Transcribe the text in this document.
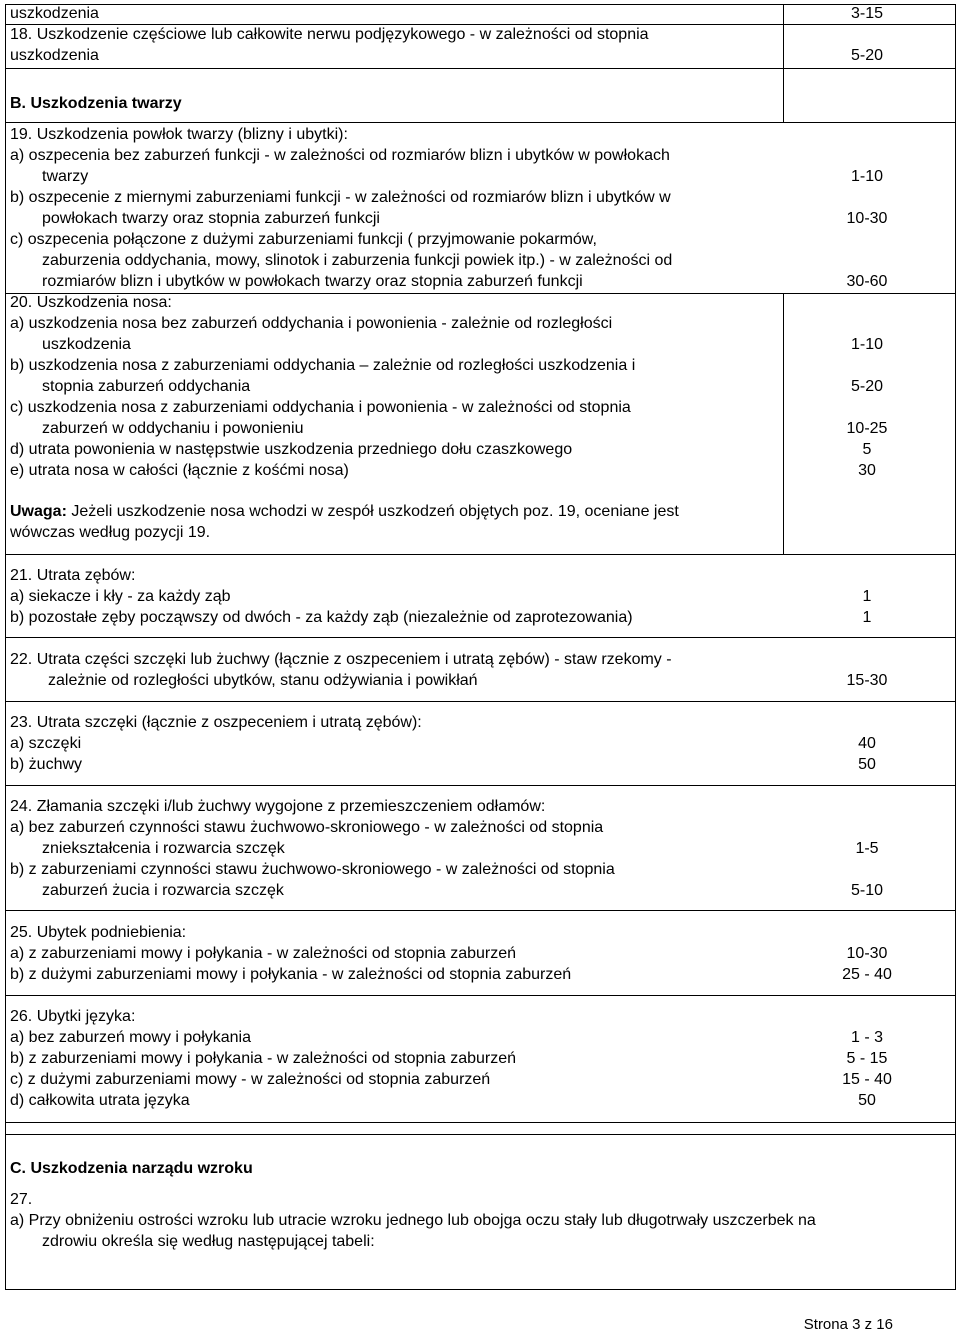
uszkodzenia	3-15
18. Uszkodzenie częściowe lub całkowite nerwu podjęzykowego - w zależności od stopnia
uszkodzenia	5-20
B. Uszkodzenia twarzy
19. Uszkodzenia powłok twarzy (blizny i ubytki):
a) oszpecenia bez zaburzeń funkcji - w zależności od rozmiarów blizn i ubytków w powłokach
twarzy	1-10
b) oszpecenie z miernymi zaburzeniami funkcji - w zależności od rozmiarów blizn i ubytków w
powłokach twarzy oraz stopnia zaburzeń funkcji	10-30
c) oszpecenia połączone z dużymi zaburzeniami funkcji ( przyjmowanie pokarmów,
zaburzenia oddychania, mowy, slinotok i zaburzenia funkcji powiek itp.) - w zależności od
rozmiarów blizn i ubytków w powłokach twarzy oraz stopnia zaburzeń funkcji	30-60
20. Uszkodzenia nosa:
a) uszkodzenia nosa bez zaburzeń oddychania i powonienia - zależnie od rozległości
uszkodzenia	1-10
b) uszkodzenia nosa z zaburzeniami oddychania – zależnie od rozległości uszkodzenia i
stopnia zaburzeń oddychania	5-20
c) uszkodzenia nosa z zaburzeniami oddychania i powonienia - w zależności od stopnia
zaburzeń w oddychaniu i powonieniu	10-25
d) utrata powonienia w następstwie uszkodzenia przedniego dołu czaszkowego	5
e) utrata nosa w całości (łącznie z kośćmi nosa)	30
Uwaga: Jeżeli uszkodzenie nosa wchodzi w zespół uszkodzeń objętych poz. 19, oceniane jest
wówczas według pozycji 19.
21. Utrata zębów:
a) siekacze i kły - za każdy ząb	1
b) pozostałe zęby począwszy od dwóch - za każdy ząb (niezależnie od zaprotezowania)	1
22. Utrata części szczęki lub żuchwy (łącznie z oszpeceniem i utratą zębów) - staw rzekomy -
zależnie od rozległości ubytków, stanu odżywiania i powikłań	15-30
23. Utrata szczęki (łącznie z oszpeceniem i utratą zębów):
a) szczęki	40
b) żuchwy	50
24. Złamania szczęki i/lub żuchwy wygojone z przemieszczeniem odłamów:
a) bez zaburzeń czynności stawu żuchwowo-skroniowego - w zależności od stopnia
zniekształcenia i rozwarcia szczęk	1-5
b) z zaburzeniami czynności stawu żuchwowo-skroniowego - w zależności od stopnia
zaburzeń żucia i rozwarcia szczęk	5-10
25. Ubytek podniebienia:
a) z zaburzeniami mowy i połykania - w zależności od stopnia zaburzeń	10-30
b) z dużymi zaburzeniami mowy i połykania - w zależności od stopnia zaburzeń	25 - 40
26. Ubytki języka:
a) bez zaburzeń mowy i połykania	1 - 3
b) z zaburzeniami mowy i połykania - w zależności od stopnia zaburzeń	5 - 15
c) z dużymi zaburzeniami mowy - w zależności od stopnia zaburzeń	15 - 40
d) całkowita utrata języka	50
C. Uszkodzenia narządu wzroku
27.
a) Przy obniżeniu ostrości wzroku lub utracie wzroku jednego lub obojga oczu stały lub długotrwały uszczerbek na
zdrowiu określa się według następującej tabeli:
Strona 3 z 16
